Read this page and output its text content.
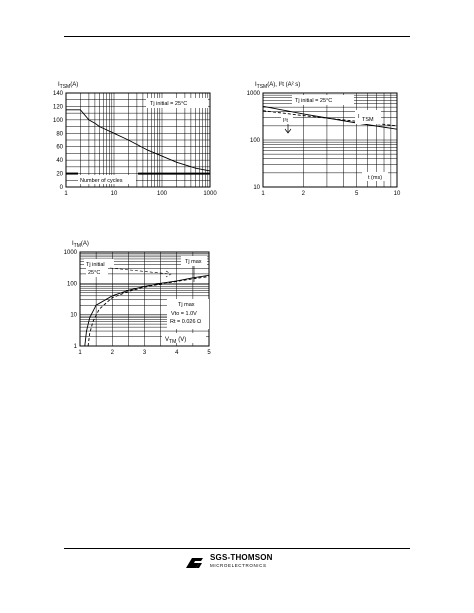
1	10	100	1000
0
20
40
60
80
100
120
140
$I_{TSM}(A)$
Tj initial = 25°C
Number of cycles
1	2	5	10
10
100
1000
$I_{TSM}(A)$, I²t (A² s)
Tj initial = 25°C
I²t
I TSM
t (ms)
1	2	3	4	5
1
10
100
1000
$I_{TM}(A)$
Tj max
Tj initial
25°C
Tj max
Vto = 1.0V
Rt = 0.026 Ω
$V_{TM}$ (V)
SGS-THOMSON
MICROELECTRONICS
